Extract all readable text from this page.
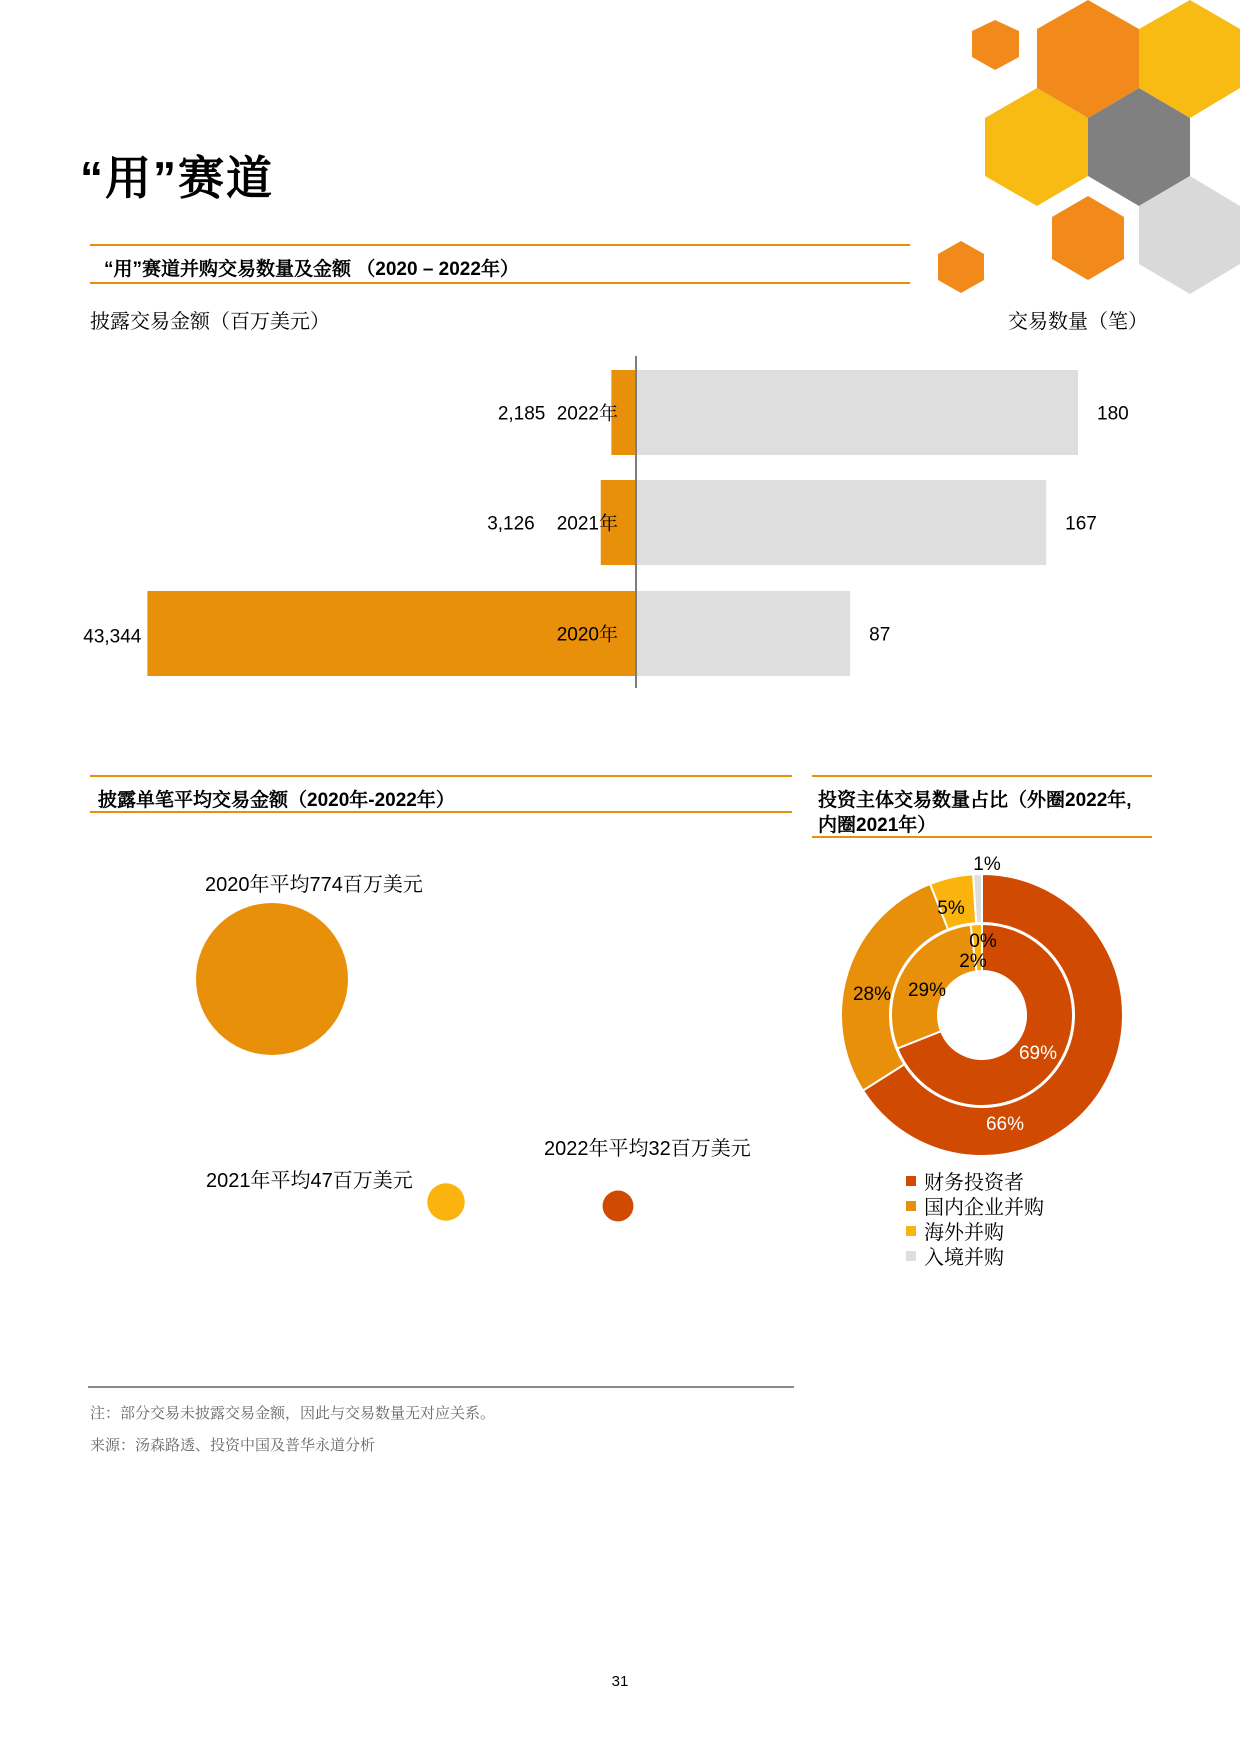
“用”赛道
“用”赛道并购交易数量及金额 （2020 – 2022年）
披露交易金额（百万美元）	交易数量（笔）
2022年
2,185	180
2021年
3,126	167
2020年
43,344	87
披露单笔平均交易金额（2020年-2022年）
2020年平均774百万美元
2021年平均47百万美元
2022年平均32百万美元
投资主体交易数量占比（外圈2022年,
内圈2021年）
66%
28%
5%
1%
69%
29%
2%
0%
财务投资者
国内企业并购
海外并购
入境并购
注：部分交易未披露交易金额，因此与交易数量无对应关系。
来源：汤森路透、投资中国及普华永道分析
31
